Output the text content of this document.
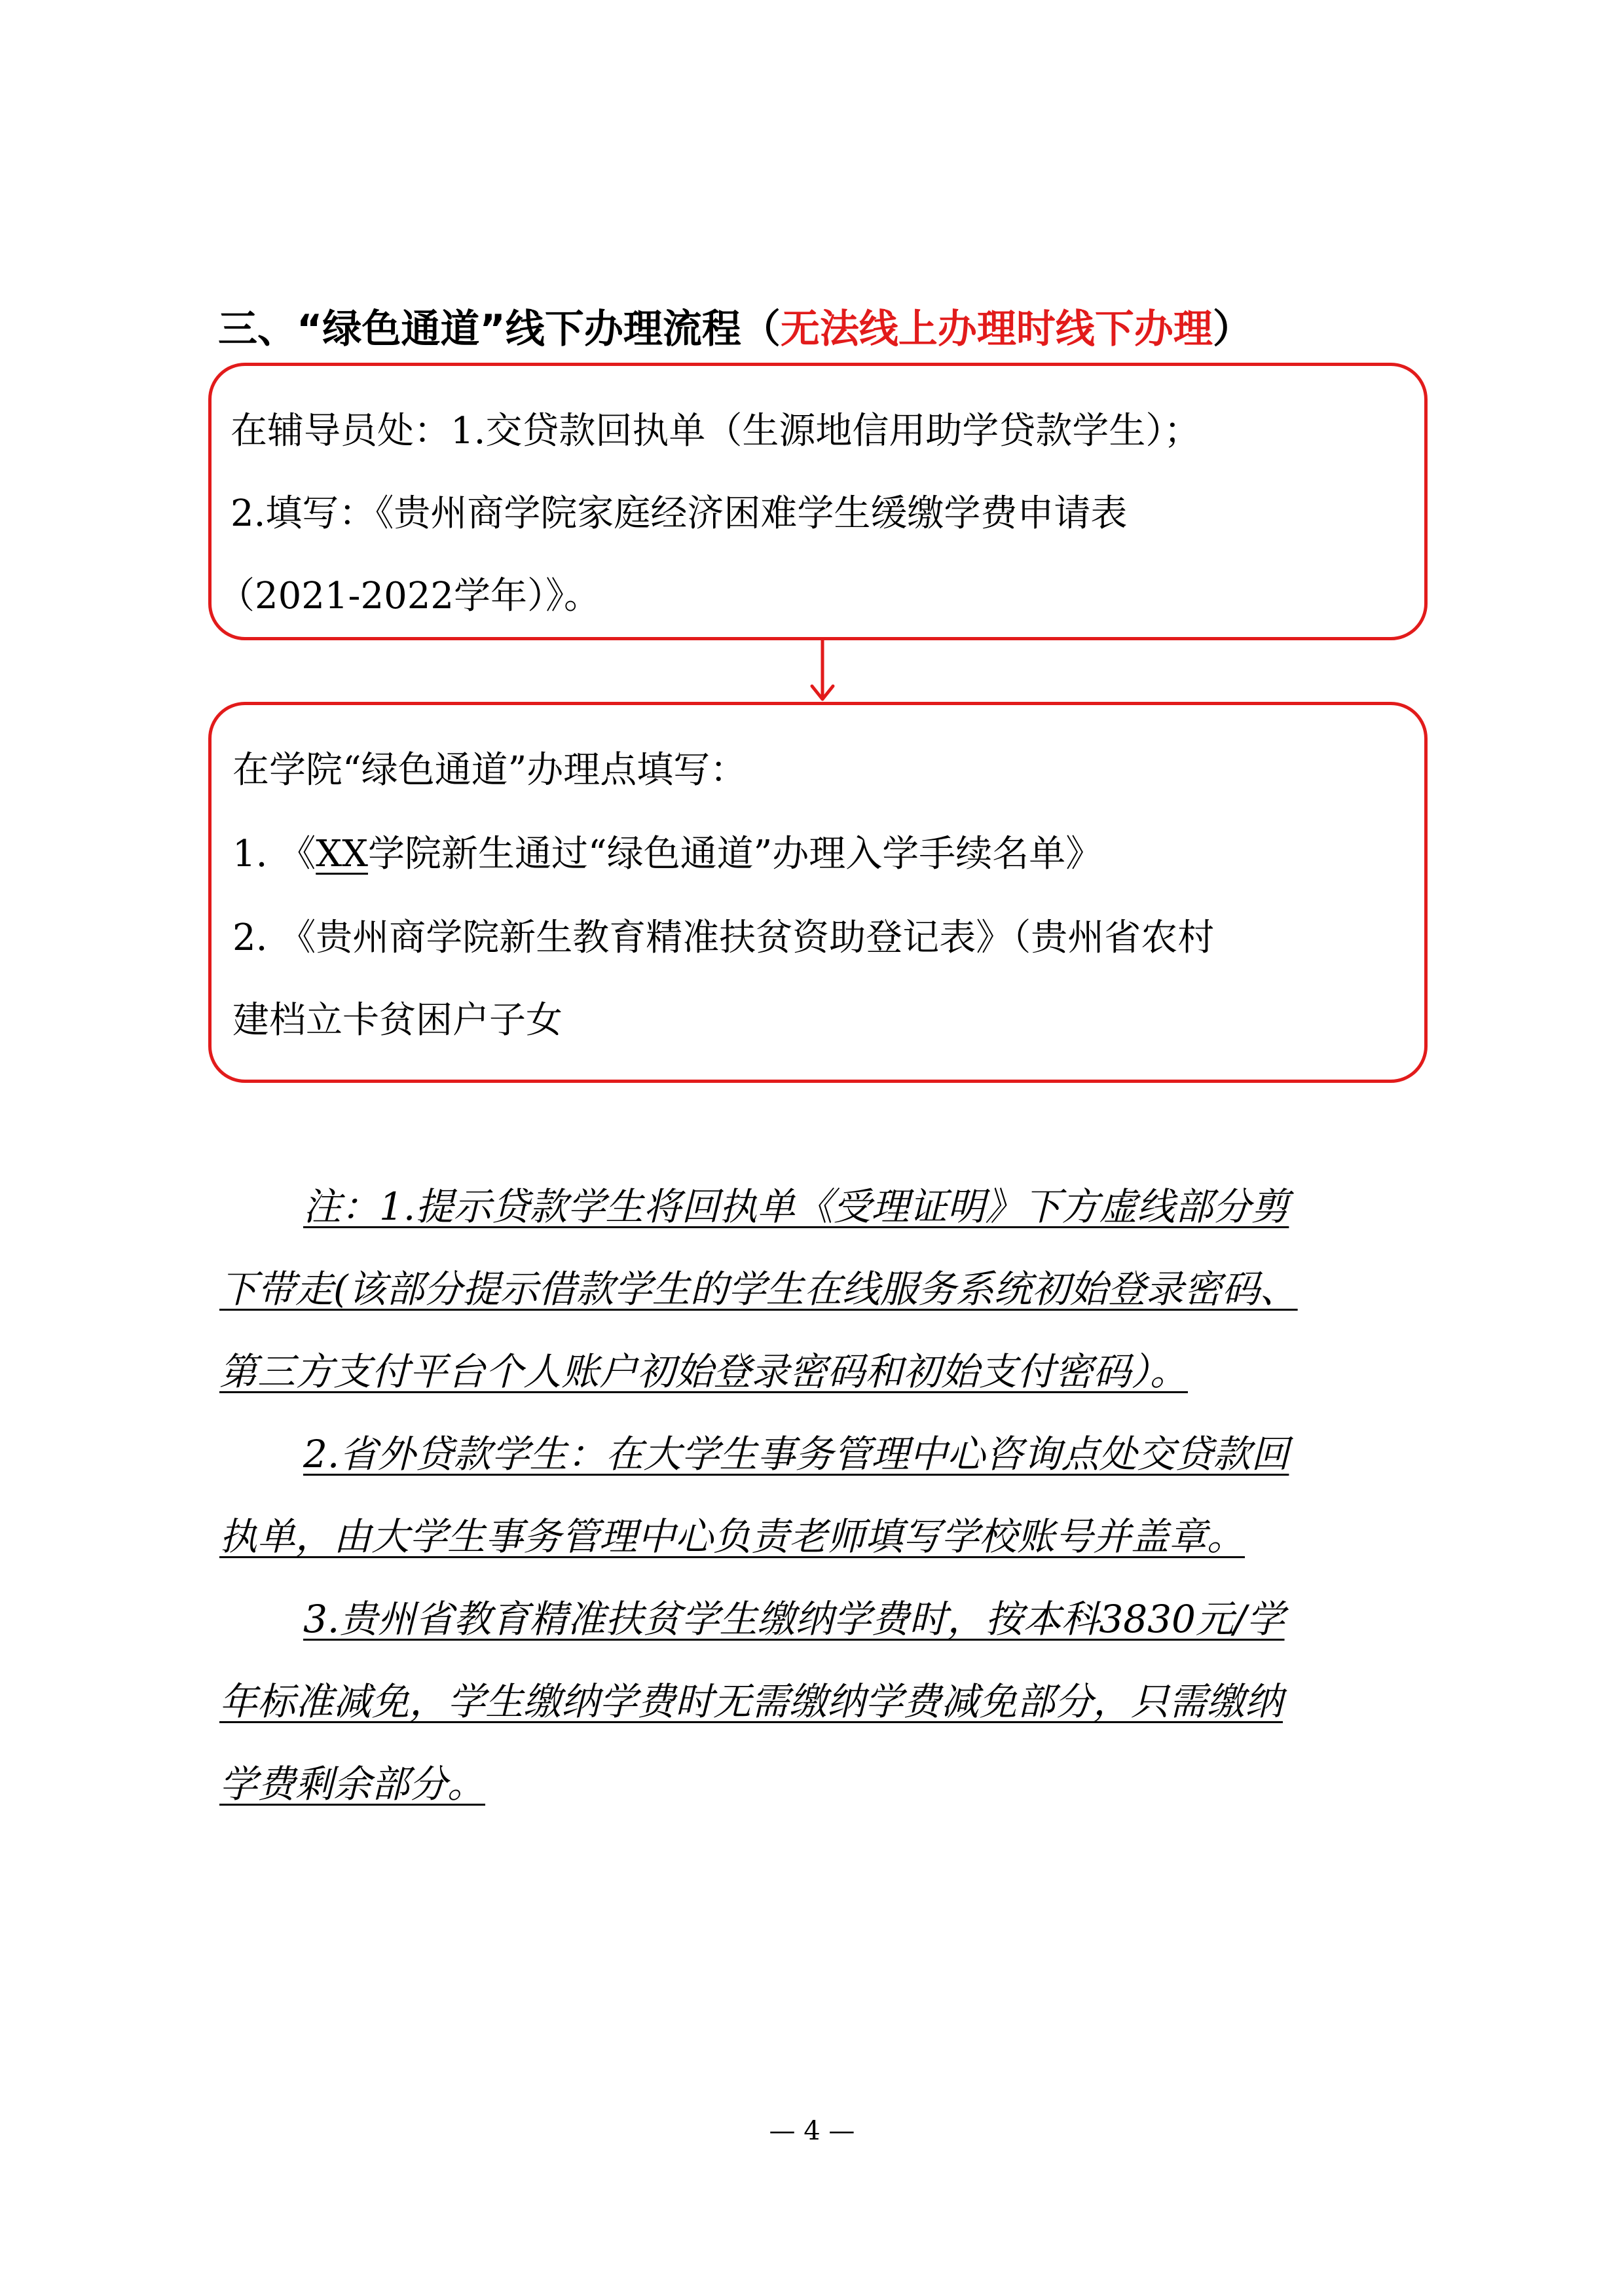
三、“绿色通道”线下办理流程（无法线上办理时线下办理）
在辅导员处：1.交贷款回执单（生源地信用助学贷款学生）；
2.填写：《贵州商学院家庭经济困难学生缓缴学费申请表
（2021-2022学年）》。
在学院“绿色通道”办理点填写：
1. 《XX学院新生通过“绿色通道”办理入学手续名单》
2. 《贵州商学院新生教育精准扶贫资助登记表》（贵州省农村
建档立卡贫困户子女
注：1.提示贷款学生将回执单《受理证明》下方虚线部分剪
下带走(该部分提示借款学生的学生在线服务系统初始登录密码、
第三方支付平台个人账户初始登录密码和初始支付密码）。
2.省外贷款学生：在大学生事务管理中心咨询点处交贷款回
执单，由大学生事务管理中心负责老师填写学校账号并盖章。
3.贵州省教育精准扶贫学生缴纳学费时，按本科3830元/学
年标准减免，学生缴纳学费时无需缴纳学费减免部分，只需缴纳
学费剩余部分。
— 4 —
